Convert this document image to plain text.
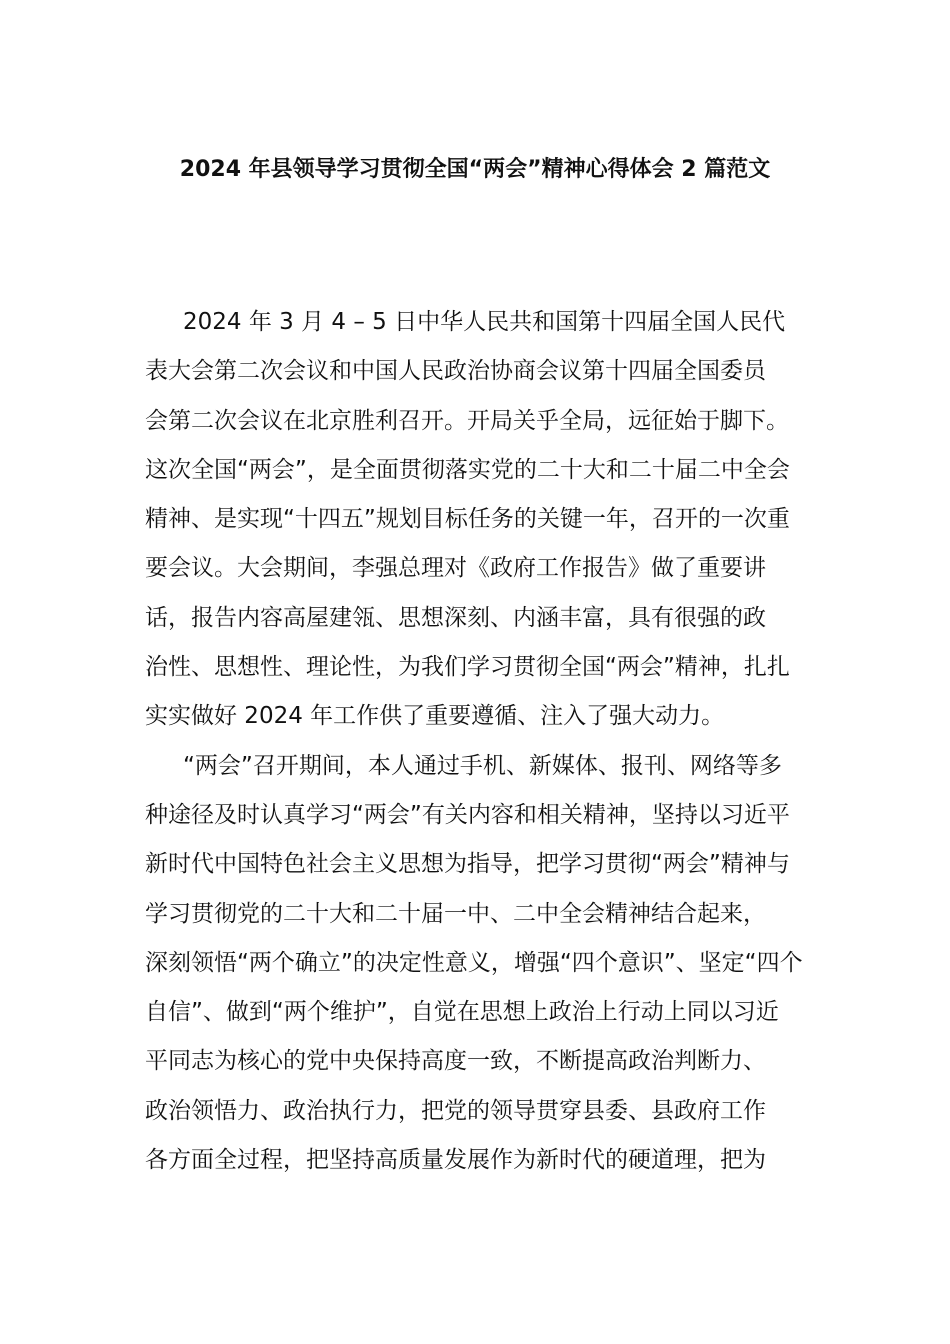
2024 年县领导学习贯彻全国“两会”精神心得体会 2 篇范文
2024 年 3 月 4 – 5 日中华人民共和国第十四届全国人民代
表大会第二次会议和中国人民政治协商会议第十四届全国委员
会第二次会议在北京胜利召开。开局关乎全局，远征始于脚下。
这次全国“两会”，是全面贯彻落实党的二十大和二十届二中全会
精神、是实现“十四五”规划目标任务的关键一年，召开的一次重
要会议。大会期间，李强总理对《政府工作报告》做了重要讲
话，报告内容高屋建瓴、思想深刻、内涵丰富，具有很强的政
治性、思想性、理论性，为我们学习贯彻全国“两会”精神，扎扎
实实做好 2024 年工作供了重要遵循、注入了强大动力。
“两会”召开期间，本人通过手机、新媒体、报刊、网络等多
种途径及时认真学习“两会”有关内容和相关精神，坚持以习近平
新时代中国特色社会主义思想为指导，把学习贯彻“两会”精神与
学习贯彻党的二十大和二十届一中、二中全会精神结合起来，
深刻领悟“两个确立”的决定性意义，增强“四个意识”、坚定“四个
自信”、做到“两个维护”，自觉在思想上政治上行动上同以习近
平同志为核心的党中央保持高度一致，不断提高政治判断力、
政治领悟力、政治执行力，把党的领导贯穿县委、县政府工作
各方面全过程，把坚持高质量发展作为新时代的硬道理，把为
